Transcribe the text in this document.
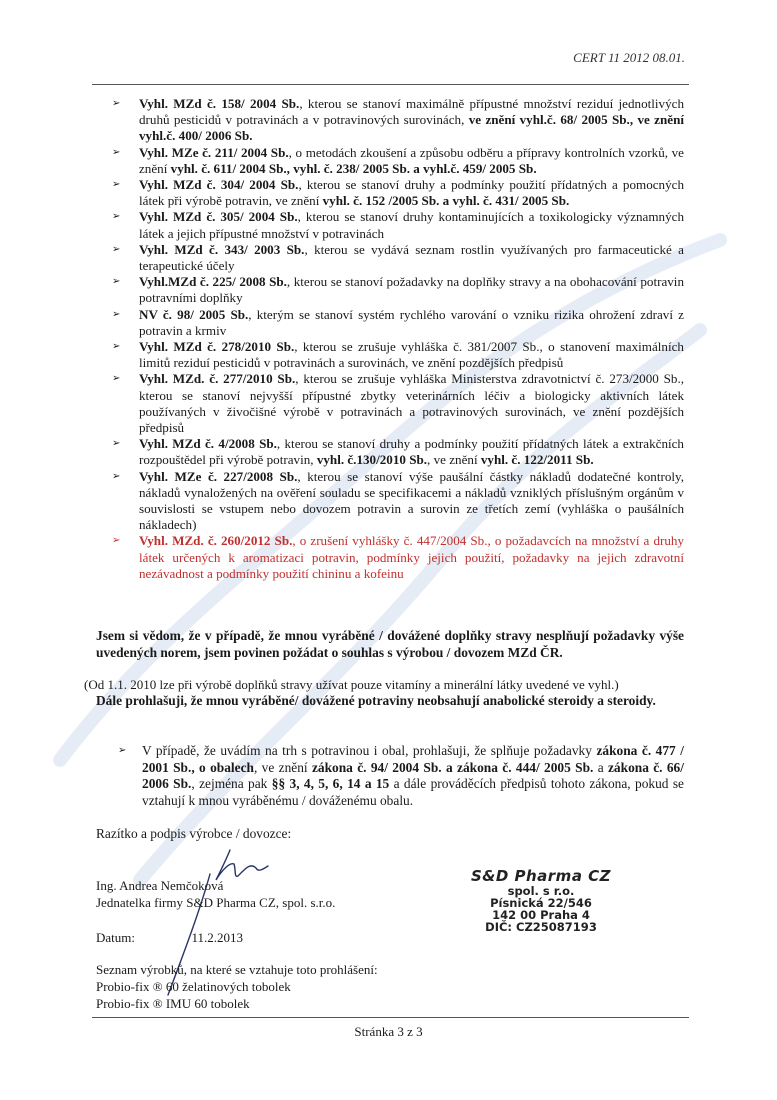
CERT 11 2012 08.01.
➢ Vyhl. MZd č. 158/ 2004 Sb., kterou se stanoví maximálně přípustné množství reziduí jednotlivých druhů pesticidů v potravinách a v potravinových surovinách, ve znění vyhl.č. 68/ 2005 Sb., ve znění vyhl.č. 400/ 2006 Sb.
➢ Vyhl. MZe č. 211/ 2004 Sb., o metodách zkoušení a způsobu odběru a přípravy kontrolních vzorků, ve znění vyhl. č. 611/ 2004 Sb., vyhl. č. 238/ 2005 Sb. a vyhl.č. 459/ 2005 Sb.
➢ Vyhl. MZd č. 304/ 2004 Sb., kterou se stanoví druhy a podmínky použití přídatných a pomocných látek při výrobě potravin, ve znění vyhl. č. 152 /2005 Sb. a vyhl. č. 431/ 2005 Sb.
➢ Vyhl. MZd č. 305/ 2004 Sb., kterou se stanoví druhy kontaminujících a toxikologicky významných látek a jejich přípustné množství v potravinách
➢ Vyhl. MZd č. 343/ 2003 Sb., kterou se vydává seznam rostlin využívaných pro farmaceutické a terapeutické účely
➢ Vyhl.MZd č. 225/ 2008 Sb., kterou se stanoví požadavky na doplňky stravy a na obohacování potravin potravními doplňky
➢ NV č. 98/ 2005 Sb., kterým se stanoví systém rychlého varování o vzniku rizika ohrožení zdraví z potravin a krmiv
➢ Vyhl. MZd č. 278/2010 Sb., kterou se zrušuje vyhláška č. 381/2007 Sb., o stanovení maximálních limitů reziduí pesticidů v potravinách a surovinách, ve znění pozdějších předpisů
➢ Vyhl. MZd. č. 277/2010 Sb., kterou se zrušuje vyhláška Ministerstva zdravotnictví č. 273/2000 Sb., kterou se stanoví nejvyšší přípustné zbytky veterinárních léčiv a biologicky aktivních látek používaných v živočišné výrobě v potravinách a potravinových surovinách, ve znění pozdějších předpisů
➢ Vyhl. MZd č. 4/2008 Sb., kterou se stanoví druhy a podmínky použití přídatných látek a extrakčních rozpouštědel při výrobě potravin, vyhl. č.130/2010 Sb., ve znění vyhl. č. 122/2011 Sb.
➢ Vyhl. MZe č. 227/2008 Sb., kterou se stanoví výše paušální částky nákladů dodatečné kontroly, nákladů vynaložených na ověření souladu se specifikacemi a nákladů vzniklých příslušným orgánům v souvislosti se vstupem nebo dovozem potravin a surovin ze třetích zemí (vyhláška o paušálních nákladech)
➢ Vyhl. MZd. č. 260/2012 Sb., o zrušení vyhlášky č. 447/2004 Sb., o požadavcích na množství a druhy látek určených k aromatizaci potravin, podmínky jejich použití, požadavky na jejich zdravotní nezávadnost a podmínky použití chininu a kofeinu
Jsem si vědom, že v případě, že mnou vyráběné / dovážené doplňky stravy nesplňují požadavky výše uvedených norem, jsem povinen požádat o souhlas s výrobou / dovozem MZd ČR.
(Od 1.1. 2010 lze při výrobě doplňků stravy užívat pouze vitamíny a minerální látky uvedené ve vyhl.)
Dále prohlašuji, že mnou vyráběné/ dovážené potraviny neobsahují anabolické steroidy a steroidy.
➢ V případě, že uvádím na trh s potravinou i obal, prohlašuji, že splňuje požadavky zákona č. 477 / 2001 Sb., o obalech, ve znění zákona č. 94/ 2004 Sb. a zákona č. 444/ 2005 Sb. a zákona č. 66/ 2006 Sb., zejména pak §§ 3, 4, 5, 6, 14 a 15 a dále prováděcích předpisů tohoto zákona, pokud se vztahují k mnou vyráběnému / dováženému obalu.
Razítko a podpis výrobce / dovozce:
Ing. Andrea Nemčoková
Jednatelka firmy S&D Pharma CZ, spol. s.r.o.
Datum:	11.2.2013
Seznam výrobků, na které se vztahuje toto prohlášení:
Probio-fix ® 60 želatinových tobolek
Probio-fix ® IMU 60 tobolek
S&D Pharma CZ
spol. s r.o.
Písnická 22/546
142 00 Praha 4
DIČ: CZ25087193
Stránka 3 z 3
